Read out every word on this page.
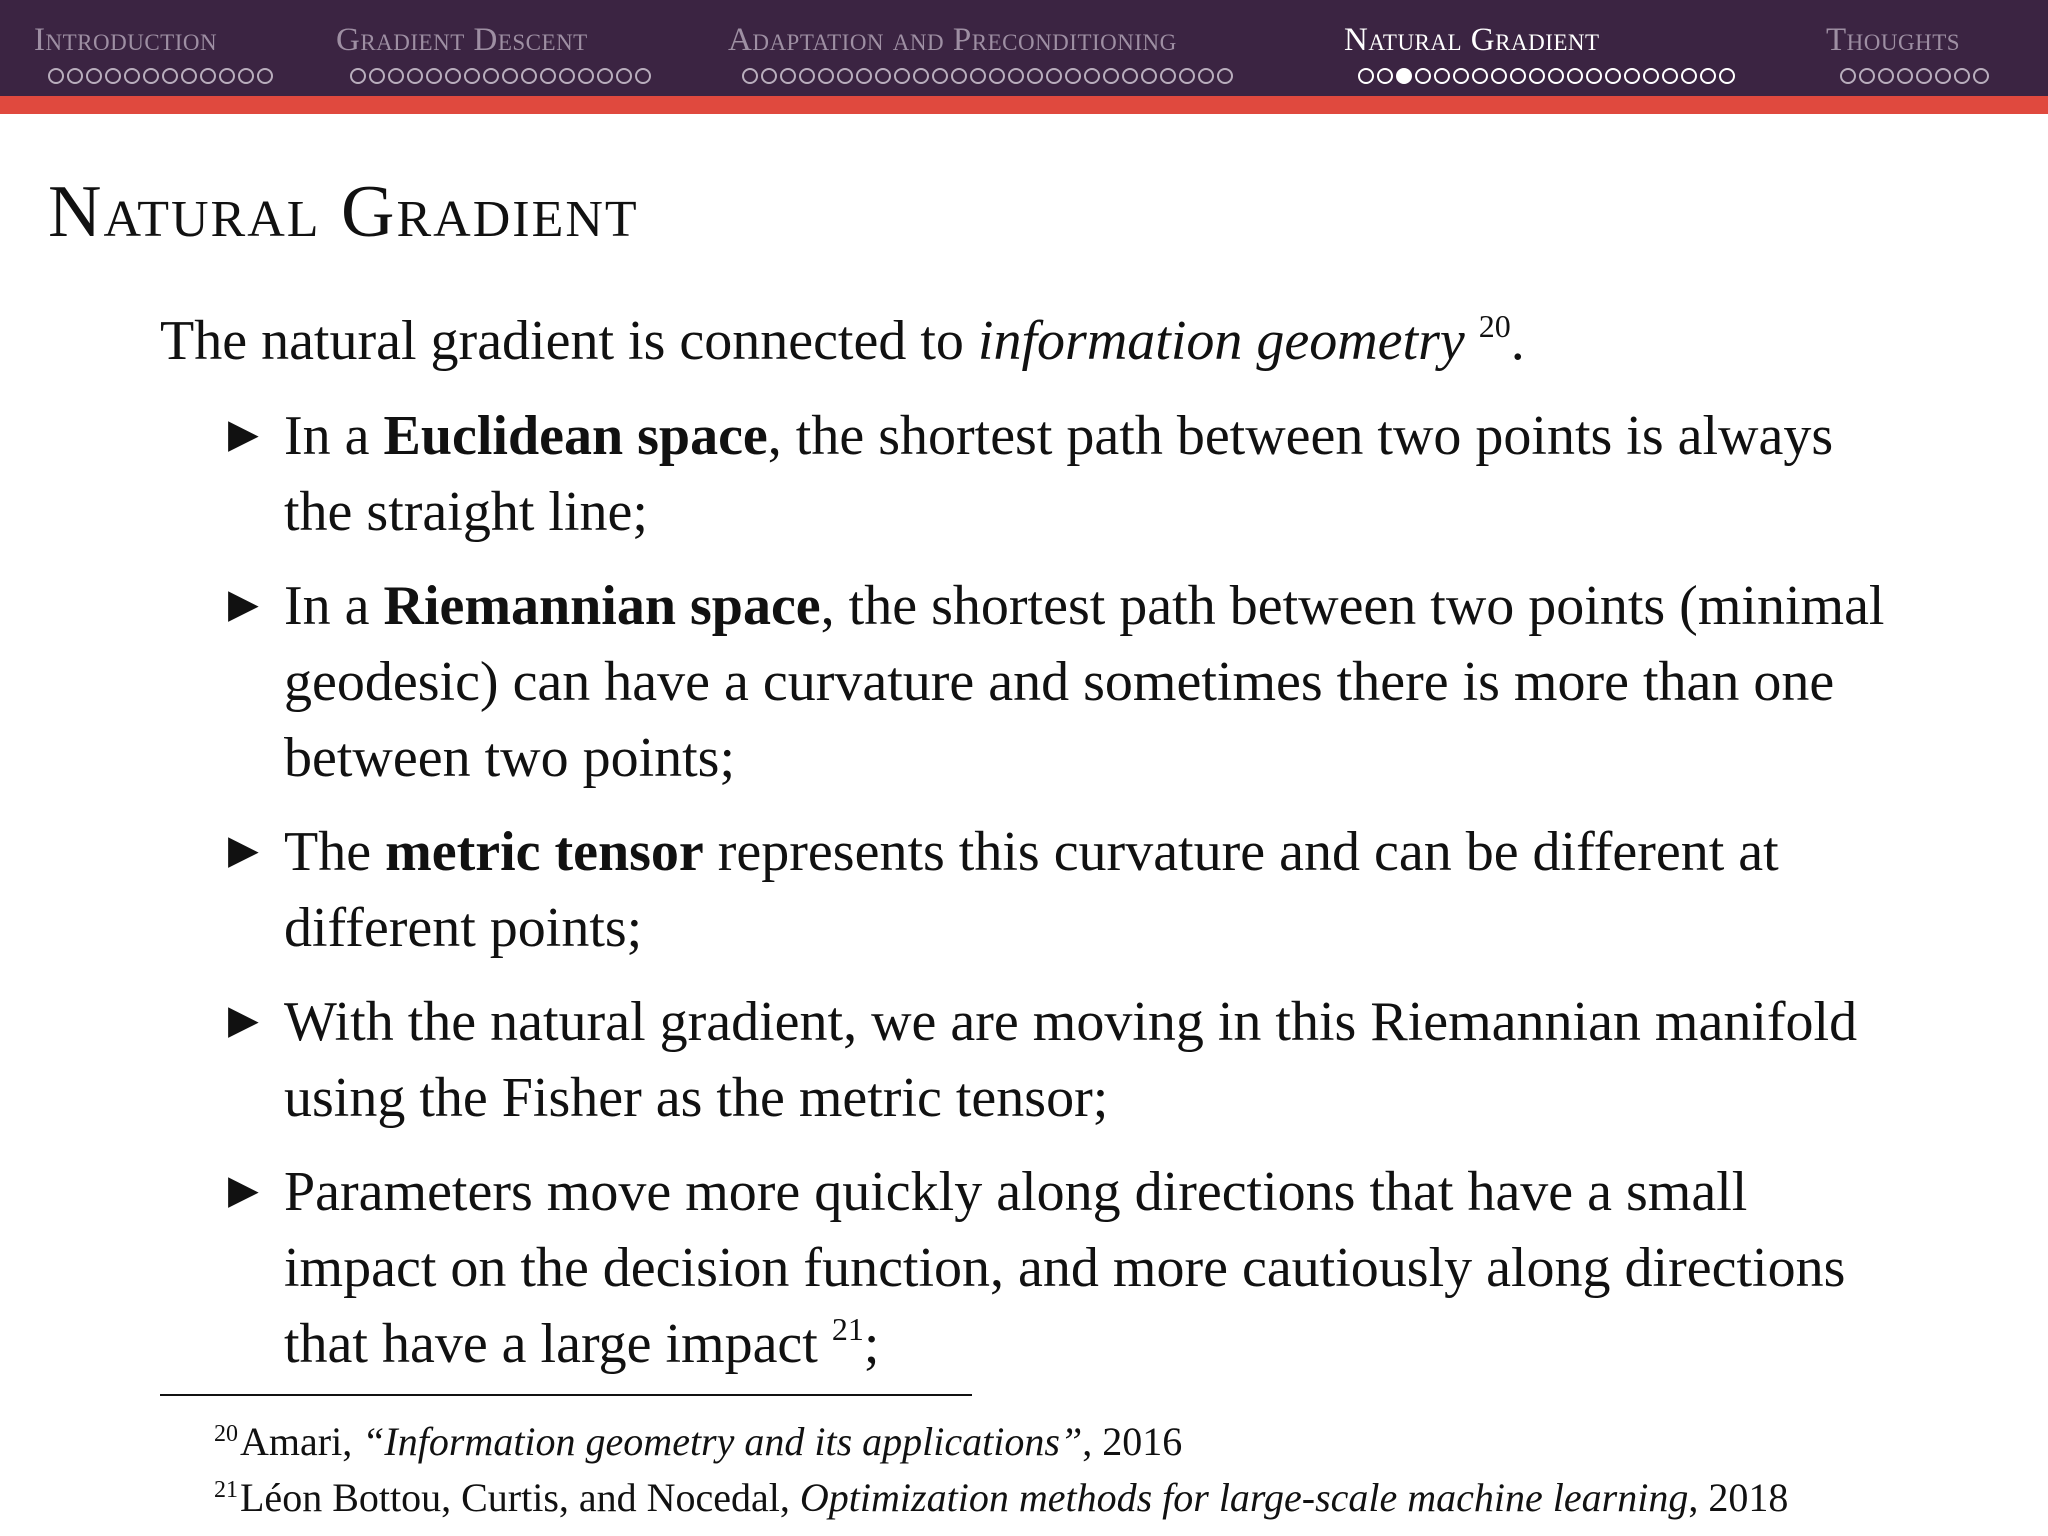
Introduction	Gradient Descent	Adaptation and Preconditioning	Natural Gradient	Thoughts
Natural Gradient
The natural gradient is connected to information geometry $^{20}$.
▶ In a Euclidean space, the shortest path between two points is always the straight line;
▶ In a Riemannian space, the shortest path between two points (minimal geodesic) can have a curvature and sometimes there is more than one between two points;
▶ The metric tensor represents this curvature and can be different at different points;
▶ With the natural gradient, we are moving in this Riemannian manifold using the Fisher as the metric tensor;
▶ Parameters move more quickly along directions that have a small impact on the decision function, and more cautiously along directions that have a large impact $^{21}$;
$^{20}$Amari, “Information geometry and its applications”, 2016
$^{21}$Léon Bottou, Curtis, and Nocedal, Optimization methods for large-scale machine learning, 2018
